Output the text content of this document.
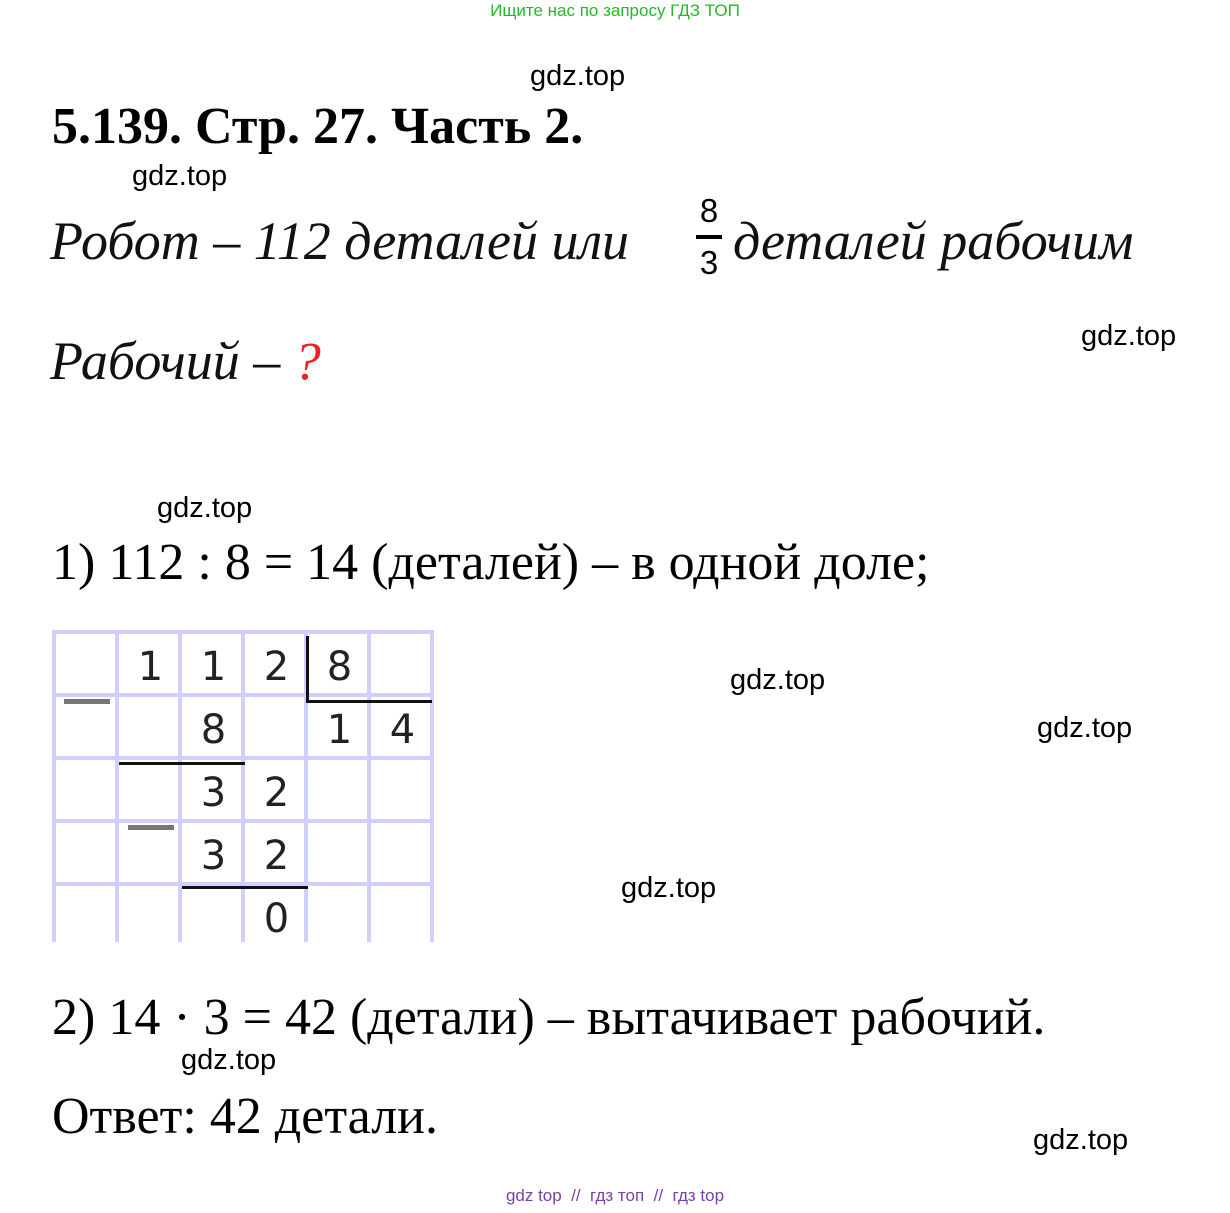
Ищите нас по запросу ГДЗ ТОП
gdz.top
gdz.top
gdz.top
gdz.top
gdz.top
gdz.top
gdz.top
gdz.top
gdz.top
5.139. Стр. 27. Часть 2.
Робот – 112 деталей или
8
3 деталей рабочим
Рабочий – ?
1) 112 : 8 = 14 (деталей) – в одной доле;
1 1 2 8
8	1 4
3 2
3 2
0
2) 14 · 3 = 42 (детали) – вытачивает рабочий.
Ответ: 42 детали.
gdz top  //  гдз топ  //  гдз top
